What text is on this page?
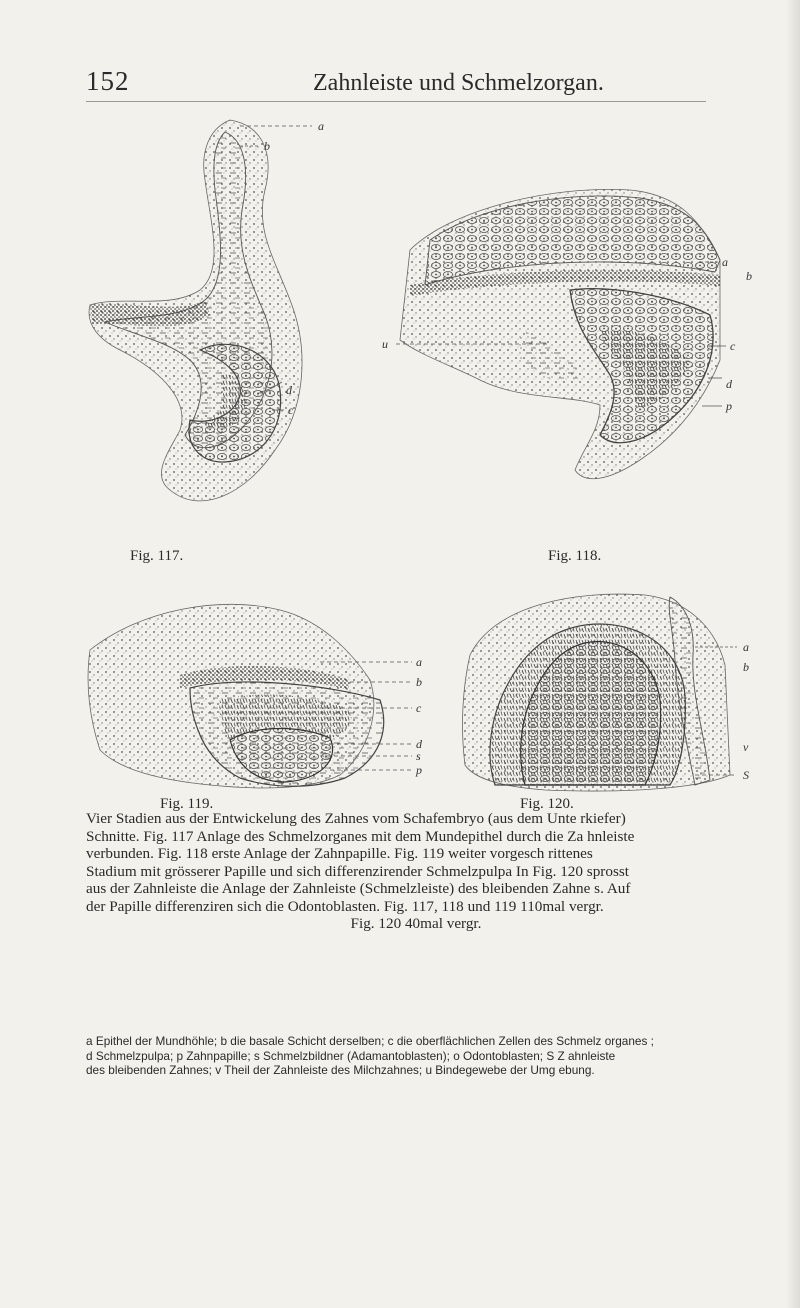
152	Zahnleiste und Schmelzorgan.
a
b
d
c
Fig. 117.
a
b
u	c
d
p
Fig. 118.
a
b
c
d
s
p
Fig. 119.
a
b
v
S
Fig. 120.
Vier Stadien aus der Entwickelung des Zahnes vom Schafembryo (aus dem Unte rkiefer)
Schnitte. Fig. 117 Anlage des Schmelzorganes mit dem Mundepithel durch die Za hnleiste
verbunden. Fig. 118 erste Anlage der Zahnpapille. Fig. 119 weiter vorgesch rittenes
Stadium mit grösserer Papille und sich differenzirender Schmelzpulpa In Fig. 120 sprosst
aus der Zahnleiste die Anlage der Zahnleiste (Schmelzleiste) des bleibenden Zahne s. Auf
der Papille differenziren sich die Odontoblasten. Fig. 117, 118 und 119 110mal vergr.
Fig. 120 40mal vergr.
a Epithel der Mundhöhle; b die basale Schicht derselben; c die oberflächlichen Zellen des Schmelz organes ;
d Schmelzpulpa; p Zahnpapille; s Schmelzbildner (Adamantoblasten); o Odontoblasten; S Z ahnleiste
des bleibenden Zahnes; v Theil der Zahnleiste des Milchzahnes; u Bindegewebe der Umg ebung.
